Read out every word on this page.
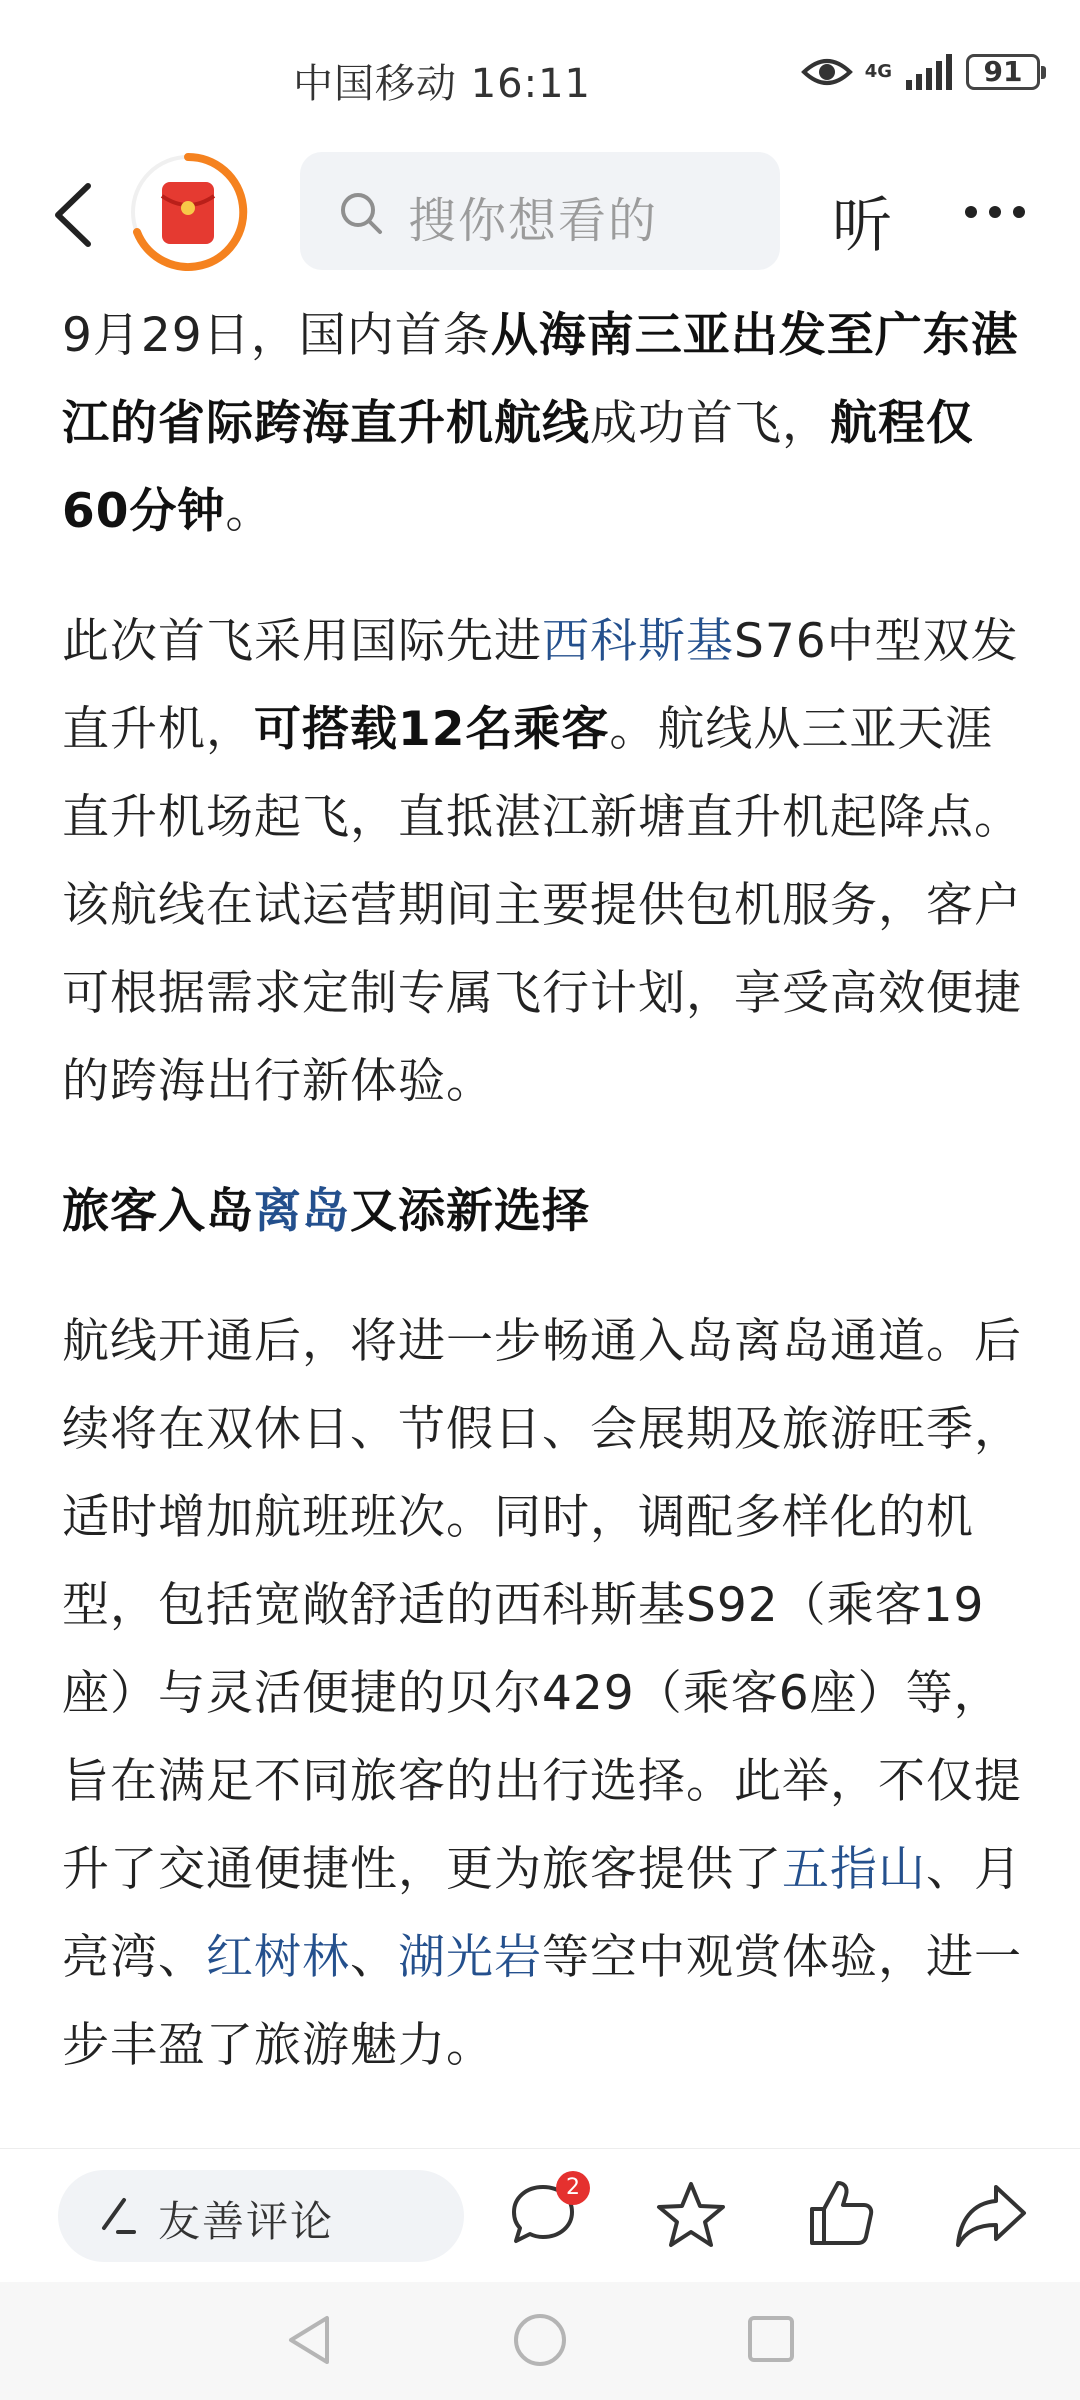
中国移动 16:11	4G	91
搜你想看的	听

9月29日，国内首条从海南三亚出发至广东湛江的省际跨海直升机航线成功首飞，航程仅60分钟。

此次首飞采用国际先进西科斯基S76中型双发直升机，可搭载12名乘客。航线从三亚天涯直升机场起飞，直抵湛江新塘直升机起降点。该航线在试运营期间主要提供包机服务，客户可根据需求定制专属飞行计划，享受高效便捷的跨海出行新体验。

旅客入岛离岛又添新选择

航线开通后，将进一步畅通入岛离岛通道。后续将在双休日、节假日、会展期及旅游旺季，适时增加航班班次。同时，调配多样化的机型，包括宽敞舒适的西科斯基S92（乘客19座）与灵活便捷的贝尔429（乘客6座）等，旨在满足不同旅客的出行选择。此举，不仅提升了交通便捷性，更为旅客提供了五指山、月亮湾、红树林、湖光岩等空中观赏体验，进一步丰盈了旅游魅力。

友善评论
2
